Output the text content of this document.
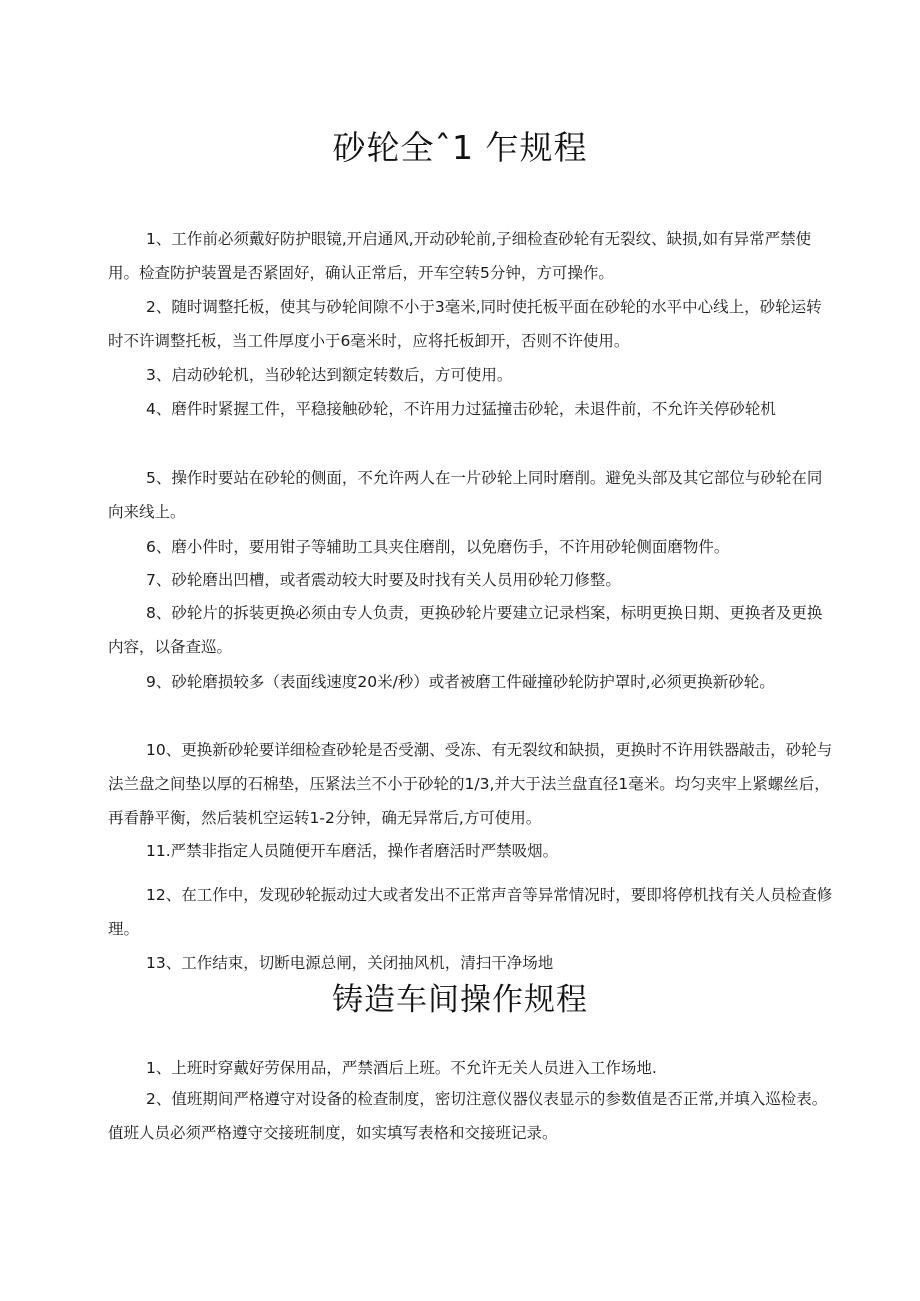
砂轮全ˆ1 乍规程

1、工作前必须戴好防护眼镜,开启通风,开动砂轮前,子细检查砂轮有无裂纹、缺损,如有异常严禁使用。检查防护装置是否紧固好，确认正常后，开车空转5分钟，方可操作。

2、随时调整托板，使其与砂轮间隙不小于3毫米,同时使托板平面在砂轮的水平中心线上，砂轮运转时不许调整托板，当工件厚度小于6毫米时，应将托板卸开，否则不许使用。

3、启动砂轮机，当砂轮达到额定转数后，方可使用。

4、磨件时紧握工件，平稳接触砂轮，不许用力过猛撞击砂轮，未退件前，不允许关停砂轮机

5、操作时要站在砂轮的侧面，不允许两人在一片砂轮上同时磨削。避免头部及其它部位与砂轮在同向来线上。

6、磨小件时，要用钳子等辅助工具夹住磨削，以免磨伤手，不许用砂轮侧面磨物件。

7、砂轮磨出凹槽，或者震动较大时要及时找有关人员用砂轮刀修整。

8、砂轮片的拆装更换必须由专人负责，更换砂轮片要建立记录档案，标明更换日期、更换者及更换内容，以备查巡。

9、砂轮磨损较多（表面线速度20米/秒）或者被磨工件碰撞砂轮防护罩时,必须更换新砂轮。

10、更换新砂轮要详细检查砂轮是否受潮、受冻、有无裂纹和缺损，更换时不许用铁器敲击，砂轮与法兰盘之间垫以厚的石棉垫，压紧法兰不小于砂轮的1/3,并大于法兰盘直径1毫米。均匀夹牢上紧螺丝后，再看静平衡，然后装机空运转1-2分钟，确无异常后,方可使用。

11.严禁非指定人员随便开车磨活，操作者磨活时严禁吸烟。

12、在工作中，发现砂轮振动过大或者发出不正常声音等异常情况时，要即将停机找有关人员检查修理。

13、工作结束，切断电源总闸，关闭抽风机，清扫干净场地

铸造车间操作规程

1、上班时穿戴好劳保用品，严禁酒后上班。不允许无关人员进入工作场地.

2、值班期间严格遵守对设备的检查制度，密切注意仪器仪表显示的参数值是否正常,并填入巡检表。值班人员必须严格遵守交接班制度，如实填写表格和交接班记录。
